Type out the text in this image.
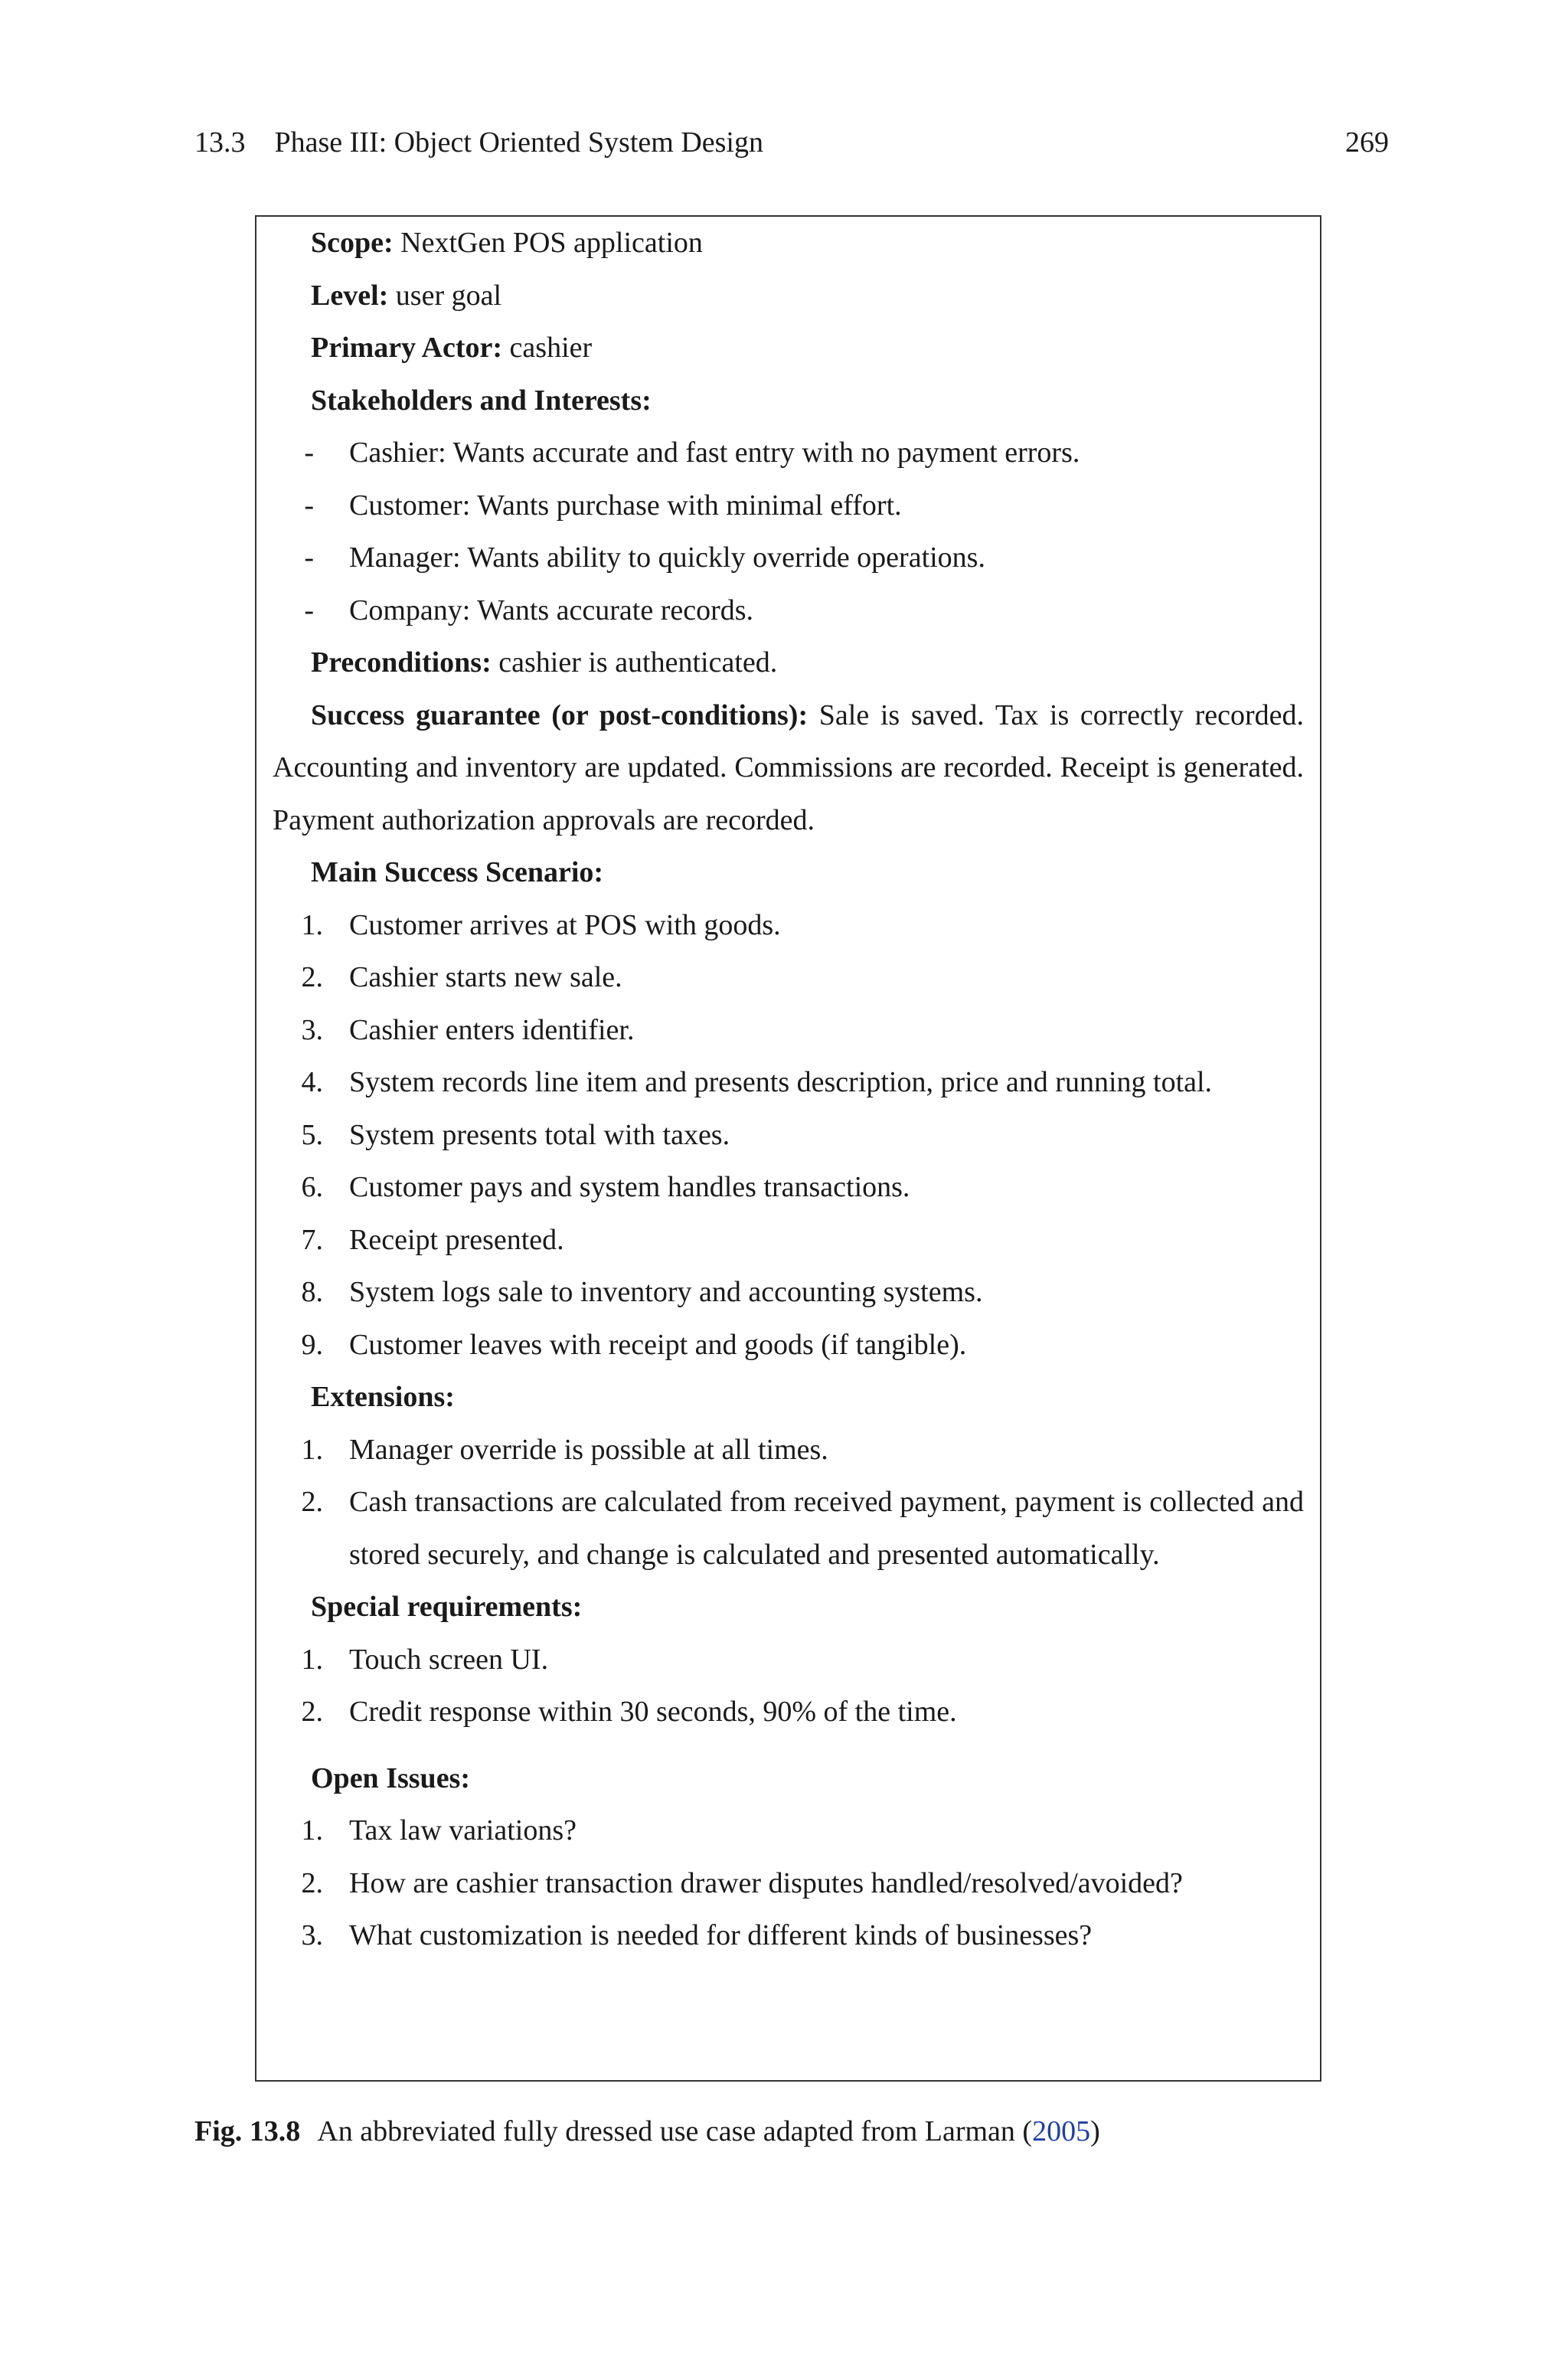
13.3 Phase III: Object Oriented System Design	269

Scope: NextGen POS application

Level: user goal

Primary Actor: cashier

Stakeholders and Interests:

-	Cashier: Wants accurate and fast entry with no payment errors.
-	Customer: Wants purchase with minimal effort.
-	Manager: Wants ability to quickly override operations.
-	Company: Wants accurate records.

Preconditions: cashier is authenticated.

Success guarantee (or post-conditions): Sale is saved. Tax is correctly recorded. Accounting and inventory are updated. Commissions are recorded. Receipt is generated. Payment authorization approvals are recorded.

Main Success Scenario:

1. Customer arrives at POS with goods.
2. Cashier starts new sale.
3. Cashier enters identifier.
4. System records line item and presents description, price and running total.
5. System presents total with taxes.
6. Customer pays and system handles transactions.
7. Receipt presented.
8. System logs sale to inventory and accounting systems.
9. Customer leaves with receipt and goods (if tangible).

Extensions:

1. Manager override is possible at all times.
2. Cash transactions are calculated from received payment, payment is collected and stored securely, and change is calculated and presented automatically.

Special requirements:

1. Touch screen UI.
2. Credit response within 30 seconds, 90% of the time.

Open Issues:

1. Tax law variations?
2. How are cashier transaction drawer disputes handled/resolved/avoided?
3. What customization is needed for different kinds of businesses?
Fig. 13.8 An abbreviated fully dressed use case adapted from Larman (2005)
